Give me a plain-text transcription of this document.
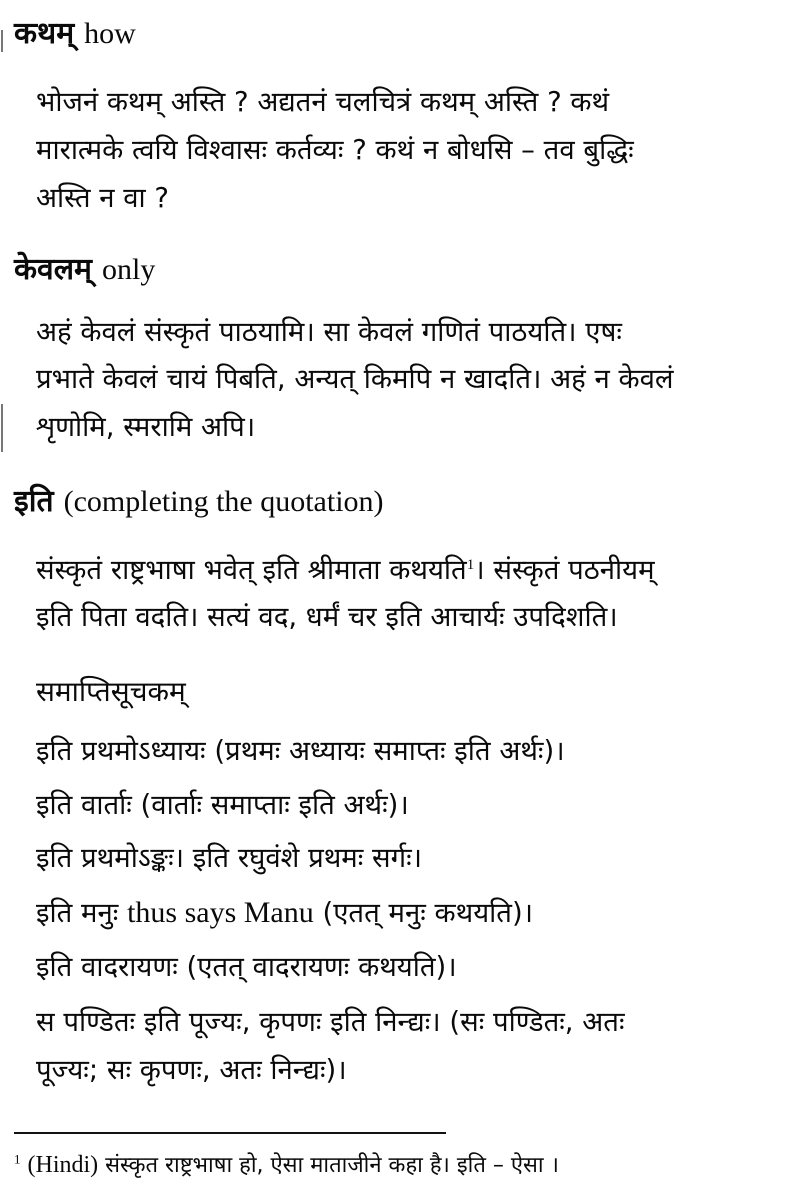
कथम् how
भोजनं कथम् अस्ति ? अद्यतनं चलचित्रं कथम् अस्ति ? कथं
मारात्मके त्वयि विश्वासः कर्तव्यः ? कथं न बोधसि – तव बुद्धिः
अस्ति न वा ?
केवलम् only
अहं केवलं संस्कृतं पाठयामि। सा केवलं गणितं पाठयति। एषः
प्रभाते केवलं चायं पिबति, अन्यत् किमपि न खादति। अहं न केवलं
शृणोमि, स्मरामि अपि।
इति (completing the quotation)
संस्कृतं राष्ट्रभाषा भवेत् इति श्रीमाता कथयति$^1$। संस्कृतं पठनीयम्
इति पिता वदति। सत्यं वद, धर्मं चर इति आचार्यः उपदिशति।
समाप्तिसूचकम्
इति प्रथमोऽध्यायः (प्रथमः अध्यायः समाप्तः इति अर्थः)।
इति वार्ताः (वार्ताः समाप्ताः इति अर्थः)।
इति प्रथमोऽङ्कः। इति रघुवंशे प्रथमः सर्गः।
इति मनुः thus says Manu (एतत् मनुः कथयति)।
इति वादरायणः (एतत् वादरायणः कथयति)।
स पण्डितः इति पूज्यः, कृपणः इति निन्द्यः। (सः पण्डितः, अतः
पूज्यः; सः कृपणः, अतः निन्द्यः)।
$^1$ (Hindi) संस्कृत राष्ट्रभाषा हो, ऐसा माताजीने कहा है। इति – ऐसा ।
